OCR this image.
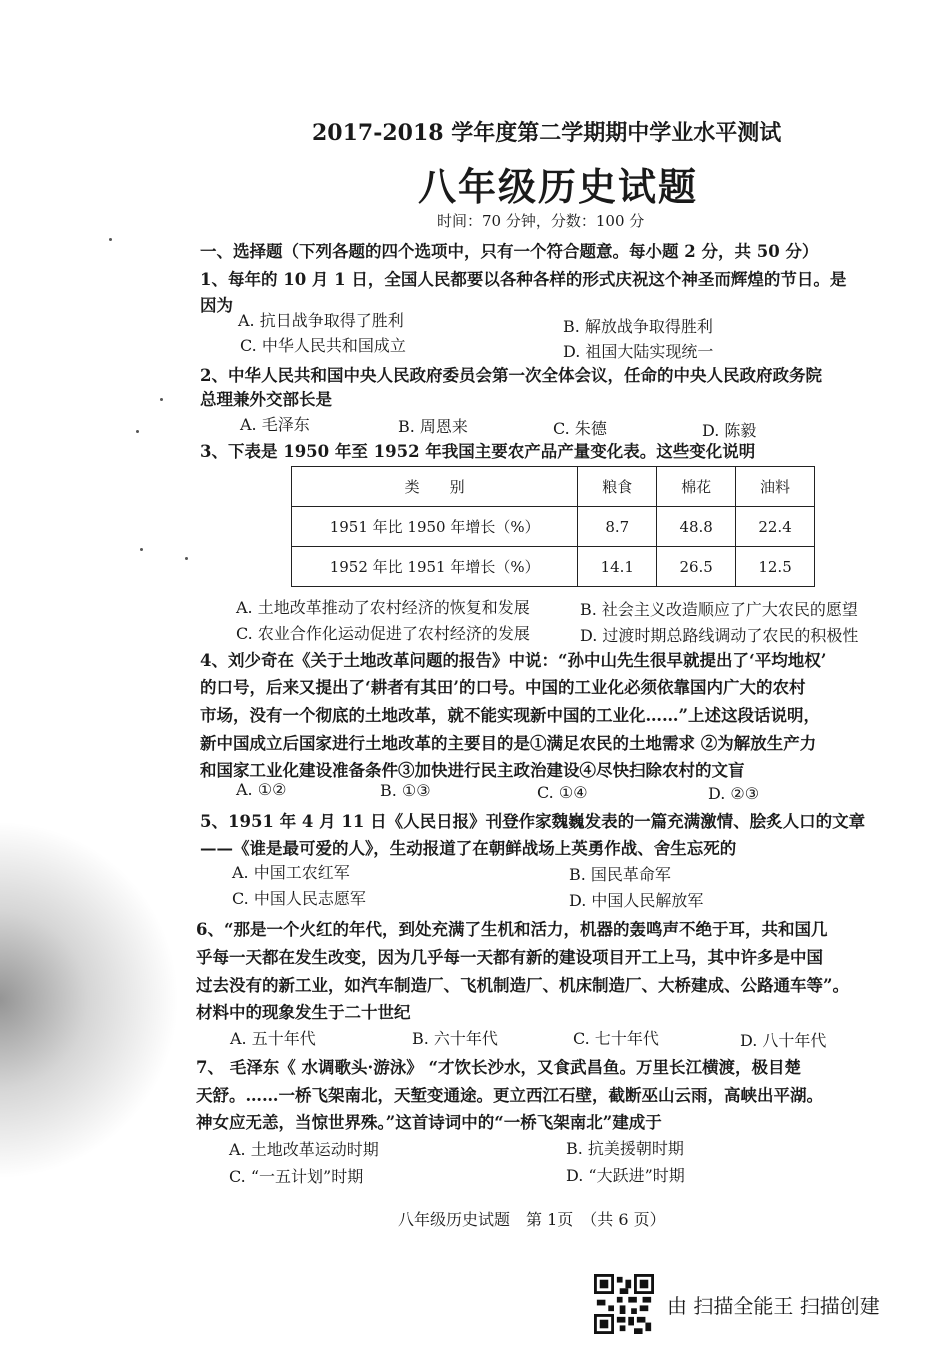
2017-2018 学年度第二学期期中学业水平测试
八年级历史试题
时间：70 分钟，分数：100 分
一、选择题（下列各题的四个选项中，只有一个符合题意。每小题 2 分，共 50 分）
1、每年的 10 月 1 日，全国人民都要以各种各样的形式庆祝这个神圣而辉煌的节日。是
因为
A. 抗日战争取得了胜利	B. 解放战争取得胜利
C. 中华人民共和国成立	D. 祖国大陆实现统一
2、中华人民共和国中央人民政府委员会第一次全体会议，任命的中央人民政府政务院
总理兼外交部长是
A. 毛泽东	B. 周恩来	C. 朱德	D. 陈毅
3、下表是 1950 年至 1952 年我国主要农产品产量变化表。这些变化说明
类　　别	粮食	棉花	油料
1951 年比 1950 年增长（%）	8.7	48.8	22.4
1952 年比 1951 年增长（%）	14.1	26.5	12.5
A. 土地改革推动了农村经济的恢复和发展	B. 社会主义改造顺应了广大农民的愿望
C. 农业合作化运动促进了农村经济的发展	D. 过渡时期总路线调动了农民的积极性
4、刘少奇在《关于土地改革问题的报告》中说：“孙中山先生很早就提出了‘平均地权’
的口号，后来又提出了‘耕者有其田’的口号。中国的工业化必须依靠国内广大的农村
市场，没有一个彻底的土地改革，就不能实现新中国的工业化……”上述这段话说明，
新中国成立后国家进行土地改革的主要目的是①满足农民的土地需求 ②为解放生产力
和国家工业化建设准备条件③加快进行民主政治建设④尽快扫除农村的文盲
A. ①②	B. ①③	C. ①④	D. ②③
5、1951 年 4 月 11 日《人民日报》刊登作家魏巍发表的一篇充满激情、脍炙人口的文章
——《谁是最可爱的人》，生动报道了在朝鲜战场上英勇作战、舍生忘死的
A. 中国工农红军	B. 国民革命军
C. 中国人民志愿军	D. 中国人民解放军
6、“那是一个火红的年代，到处充满了生机和活力，机器的轰鸣声不绝于耳，共和国几
乎每一天都在发生改变，因为几乎每一天都有新的建设项目开工上马，其中许多是中国
过去没有的新工业，如汽车制造厂、飞机制造厂、机床制造厂、大桥建成、公路通车等”。
材料中的现象发生于二十世纪
A. 五十年代	B. 六十年代	C. 七十年代	D. 八十年代
7、 毛泽东《 水调歌头·游泳》 “才饮长沙水，又食武昌鱼。万里长江横渡，极目楚
天舒。……一桥飞架南北，天堑变通途。更立西江石壁，截断巫山云雨，高峡出平湖。
神女应无恙，当惊世界殊。”这首诗词中的“一桥飞架南北”建成于
A. 土地改革运动时期	B. 抗美援朝时期
C. “一五计划”时期	D. “大跃进”时期
八年级历史试题　第 1页　（共 6 页）
由 扫描全能王 扫描创建
